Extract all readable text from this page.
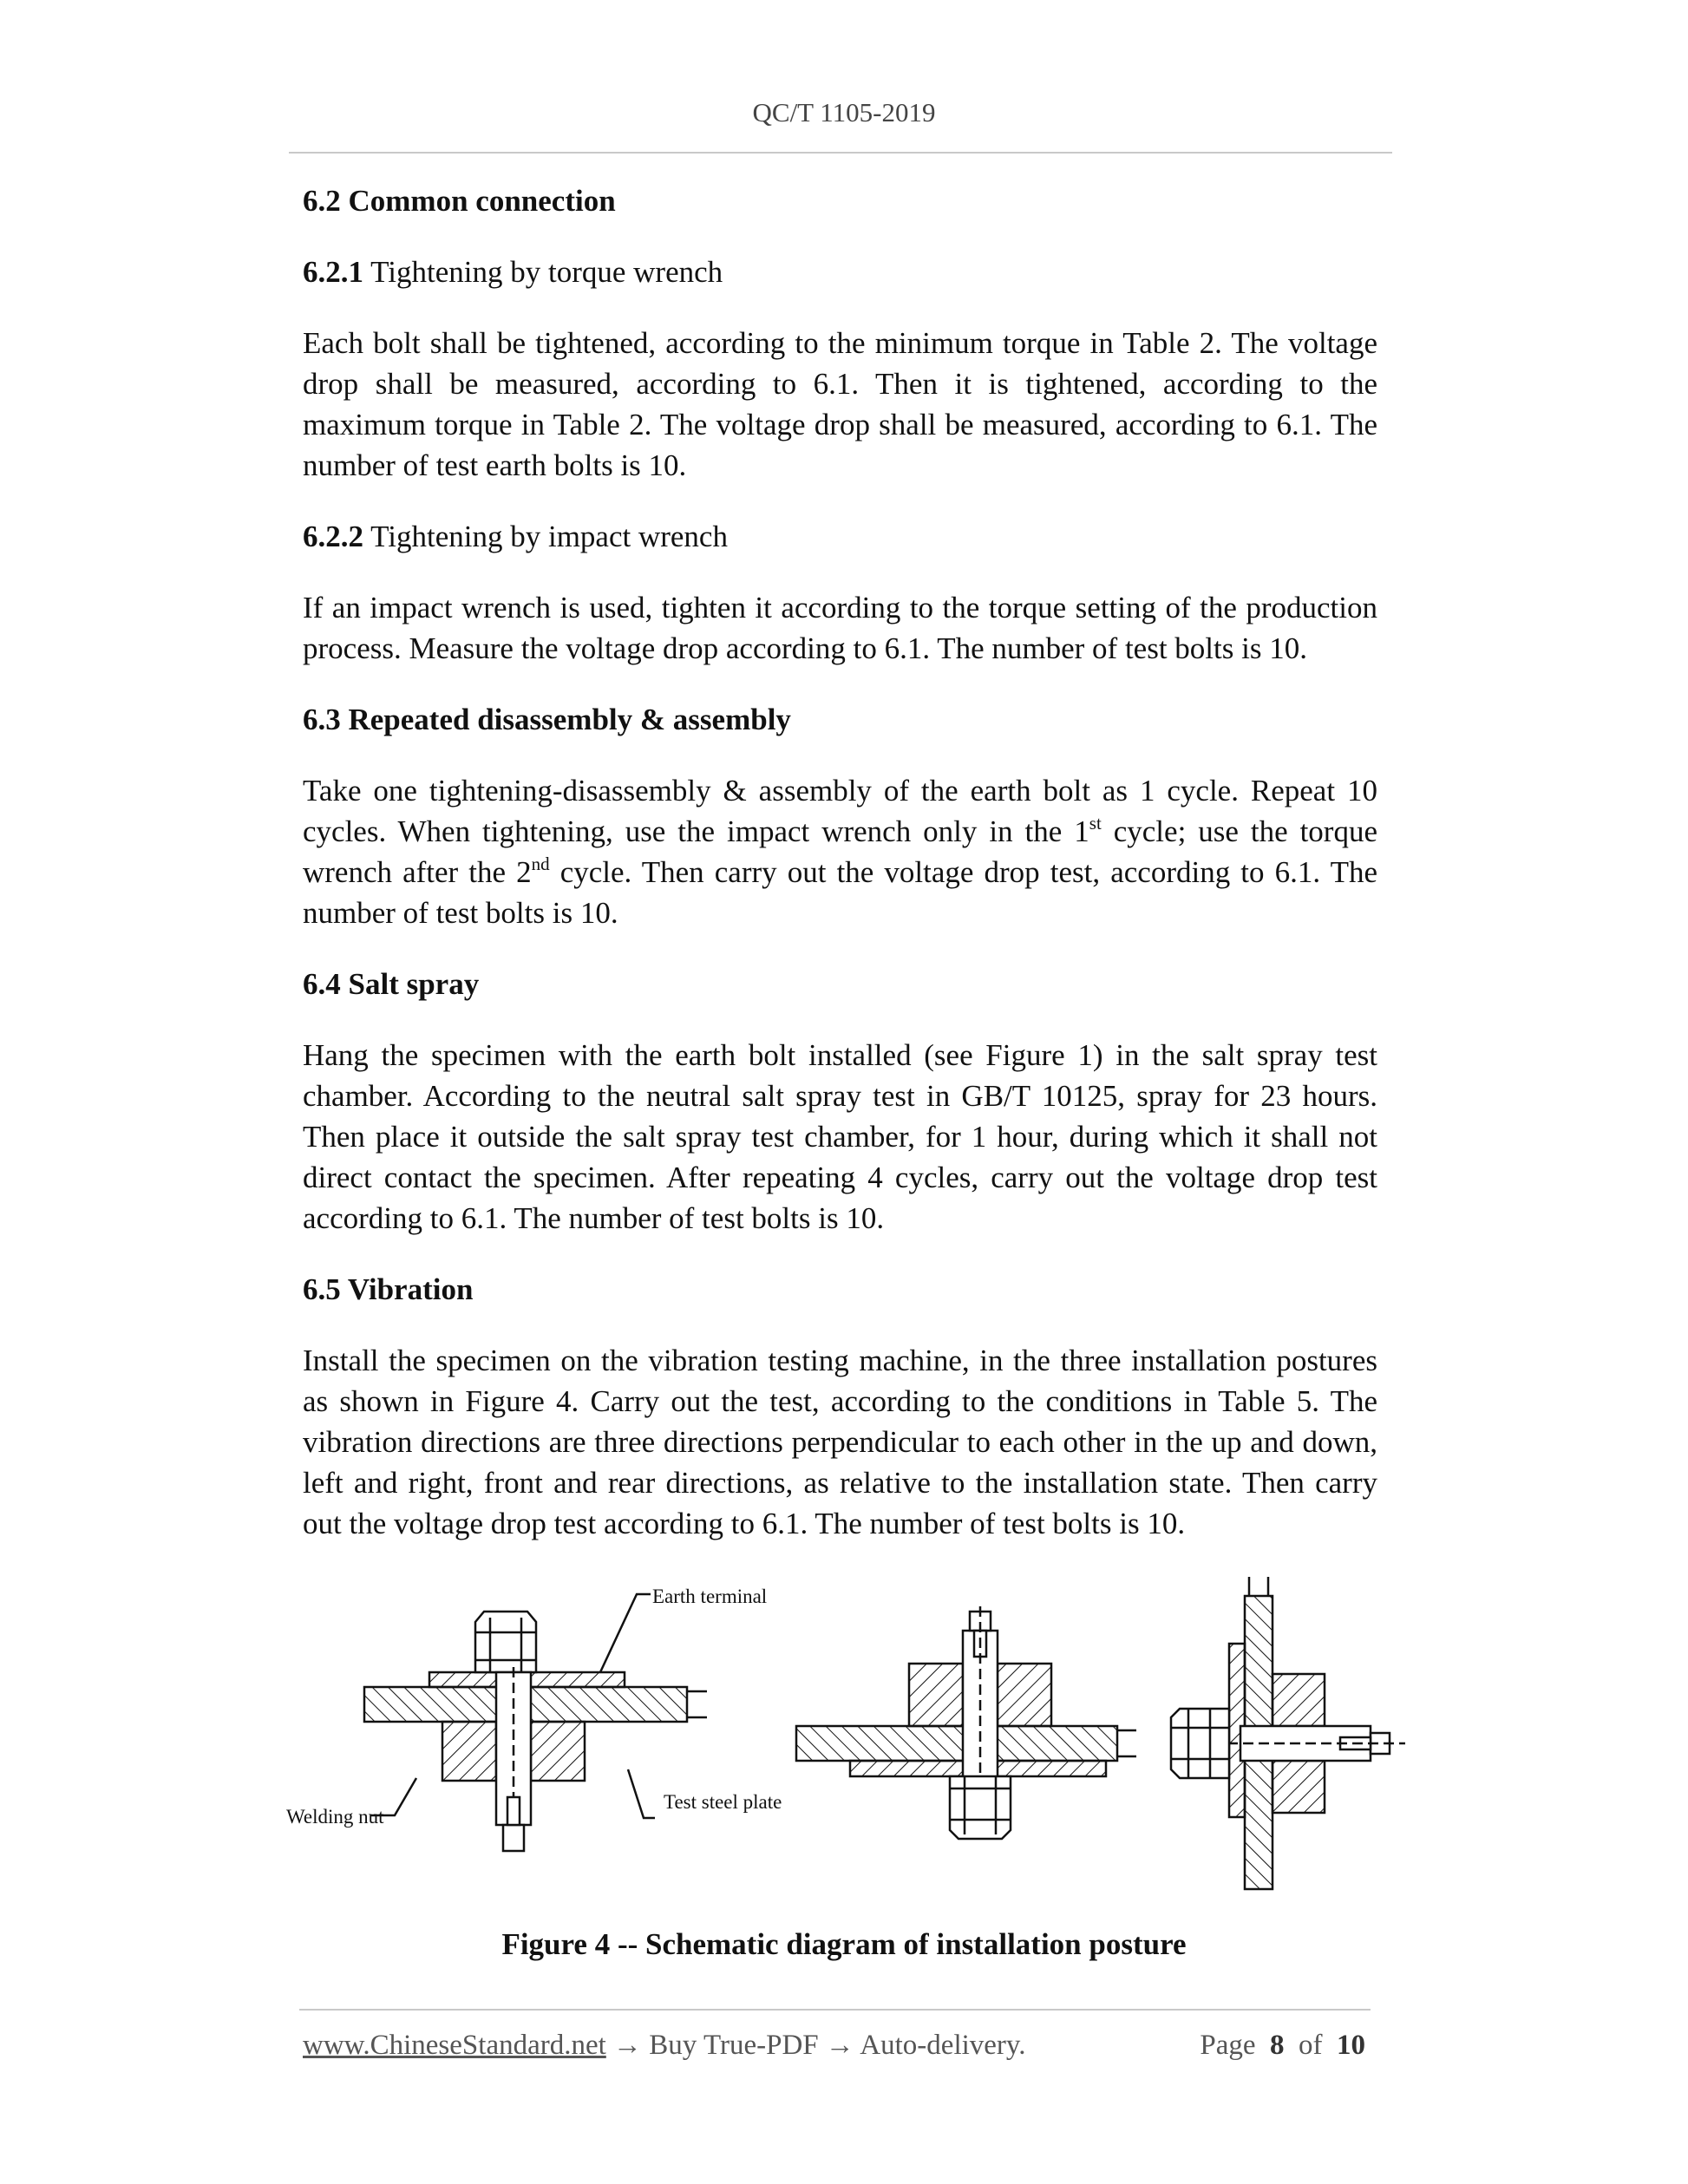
QC/T 1105-2019
6.2 Common connection
6.2.1 Tightening by torque wrench
Each bolt shall be tightened, according to the minimum torque in Table 2. The voltage drop shall be measured, according to 6.1. Then it is tightened, according to the maximum torque in Table 2. The voltage drop shall be measured, according to 6.1. The number of test earth bolts is 10.
6.2.2 Tightening by impact wrench
If an impact wrench is used, tighten it according to the torque setting of the production process. Measure the voltage drop according to 6.1. The number of test bolts is 10.
6.3 Repeated disassembly & assembly
Take one tightening-disassembly & assembly of the earth bolt as 1 cycle. Repeat 10 cycles. When tightening, use the impact wrench only in the 1st cycle; use the torque wrench after the 2nd cycle. Then carry out the voltage drop test, according to 6.1. The number of test bolts is 10.
6.4 Salt spray
Hang the specimen with the earth bolt installed (see Figure 1) in the salt spray test chamber. According to the neutral salt spray test in GB/T 10125, spray for 23 hours. Then place it outside the salt spray test chamber, for 1 hour, during which it shall not direct contact the specimen. After repeating 4 cycles, carry out the voltage drop test according to 6.1. The number of test bolts is 10.
6.5 Vibration
Install the specimen on the vibration testing machine, in the three installation postures as shown in Figure 4. Carry out the test, according to the conditions in Table 5. The vibration directions are three directions perpendicular to each other in the up and down, left and right, front and rear directions, as relative to the installation state. Then carry out the voltage drop test according to 6.1. The number of test bolts is 10.
Earth terminal
Welding nut
Test steel plate
Figure 4 -- Schematic diagram of installation posture
www.ChineseStandard.net → Buy True-PDF → Auto-delivery.	Page 8 of 10
